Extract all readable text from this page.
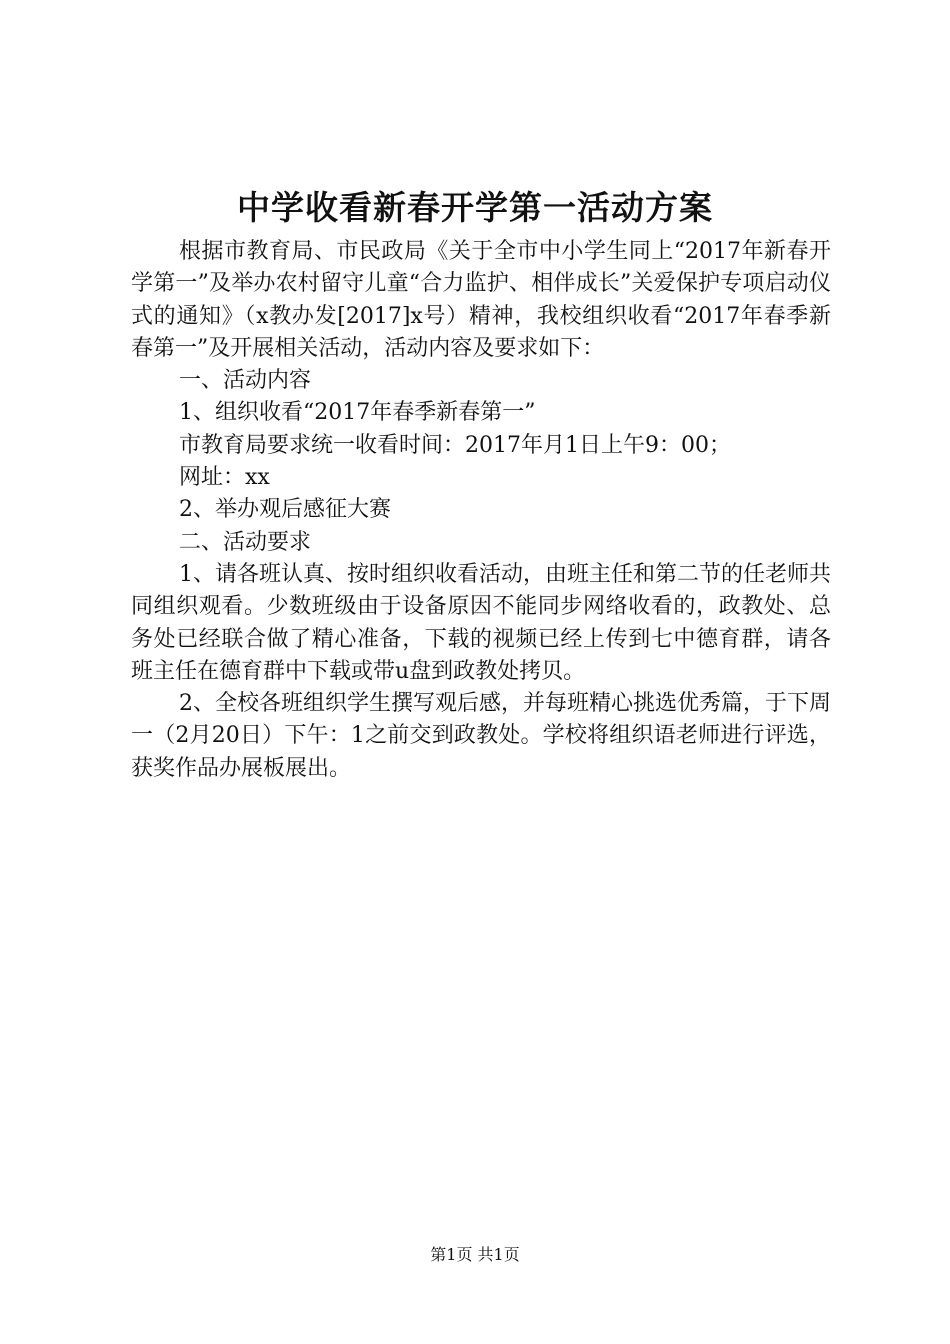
中学收看新春开学第一活动方案

根据市教育局、市民政局《关于全市中小学生同上“2017年新春开学第一”及举办农村留守儿童“合力监护、相伴成长”关爱保护专项启动仪式的通知》（x教办发[2017]x号）精神，我校组织收看“2017年春季新春第一”及开展相关活动，活动内容及要求如下：

一、活动内容

1、组织收看“2017年春季新春第一”

市教育局要求统一收看时间：2017年月1日上午9：00；

网址：xx

2、举办观后感征大赛

二、活动要求

1、请各班认真、按时组织收看活动，由班主任和第二节的任老师共同组织观看。少数班级由于设备原因不能同步网络收看的，政教处、总务处已经联合做了精心准备，下载的视频已经上传到七中德育群，请各班主任在德育群中下载或带u盘到政教处拷贝。

2、全校各班组织学生撰写观后感，并每班精心挑选优秀篇，于下周一（2月20日）下午：1之前交到政教处。学校将组织语老师进行评选，获奖作品办展板展出。

第1页 共1页
